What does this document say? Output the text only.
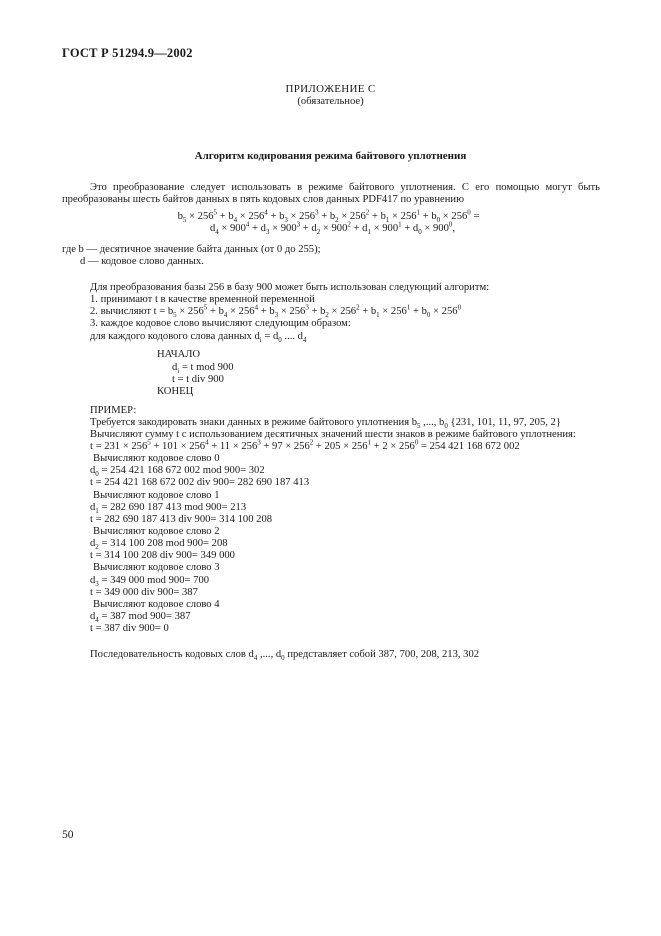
ГОСТ Р 51294.9—2002
ПРИЛОЖЕНИЕ С
(обязательное)
Алгоритм кодирования режима байтового уплотнения
Это преобразование следует использовать в режиме байтового уплотнения. С его помощью могут быть преобразованы шесть байтов данных в пять кодовых слов данных PDF417 по уравнению
$b_5 \times 256^5 + b_4 \times 256^4 + b_3 \times 256^3 + b_2 \times 256^2 + b_1 \times 256^1 + b_0 \times 256^0$ =
$d_4 \times 900^4 + d_3 \times 900^3 + d_2 \times 900^2 + d_1 \times 900^1 + d_0 \times 900^0$,
где b — десятичное значение байта данных (от 0 до 255);
d — кодовое слово данных.
Для преобразования базы 256 в базу 900 может быть использован следующий алгоритм:
1. принимают t в качестве временной переменной
2. вычисляют $t = b_5 \times 256^5 + b_4 \times 256^4 + b_3 \times 256^3 + b_2 \times 256^2 + b_1 \times 256^1 + b_0 \times 256^0$
3. каждое кодовое слово вычисляют следующим образом:
для каждого кодового слова данных $d_i = d_0$ .... $d_4$
НАЧАЛО
$d_i = t$ mod 900
t = t div 900
КОНЕЦ
ПРИМЕР:
Требуется закодировать знаки данных в режиме байтового уплотнения $b_5$ ,..., $b_0$ {231, 101, 11, 97, 205, 2}
Вычисляют сумму t с использованием десятичных значений шести знаков в режиме байтового уплотнения:
$t = 231 \times 256^5 + 101 \times 256^4 + 11 \times 256^3 + 97 \times 256^2 + 205 \times 256^1 + 2 \times 256^0 = 254$ 421 168 672 002
Вычисляют кодовое слово 0
$d_0 = 254$ 421 168 672 002 mod 900= 302
t = 254 421 168 672 002 div 900= 282 690 187 413
Вычисляют кодовое слово 1
$d_1 = 282$ 690 187 413 mod 900= 213
t = 282 690 187 413 div 900= 314 100 208
Вычисляют кодовое слово 2
$d_2 = 314$ 100 208 mod 900= 208
t = 314 100 208 div 900= 349 000
Вычисляют кодовое слово 3
$d_3 = 349$ 000 mod 900= 700
t = 349 000 div 900= 387
Вычисляют кодовое слово 4
$d_4 = 387$ mod 900= 387
t = 387 div 900= 0
Последовательность кодовых слов $d_4$ ,..., $d_0$ представляет собой 387, 700, 208, 213, 302
50
